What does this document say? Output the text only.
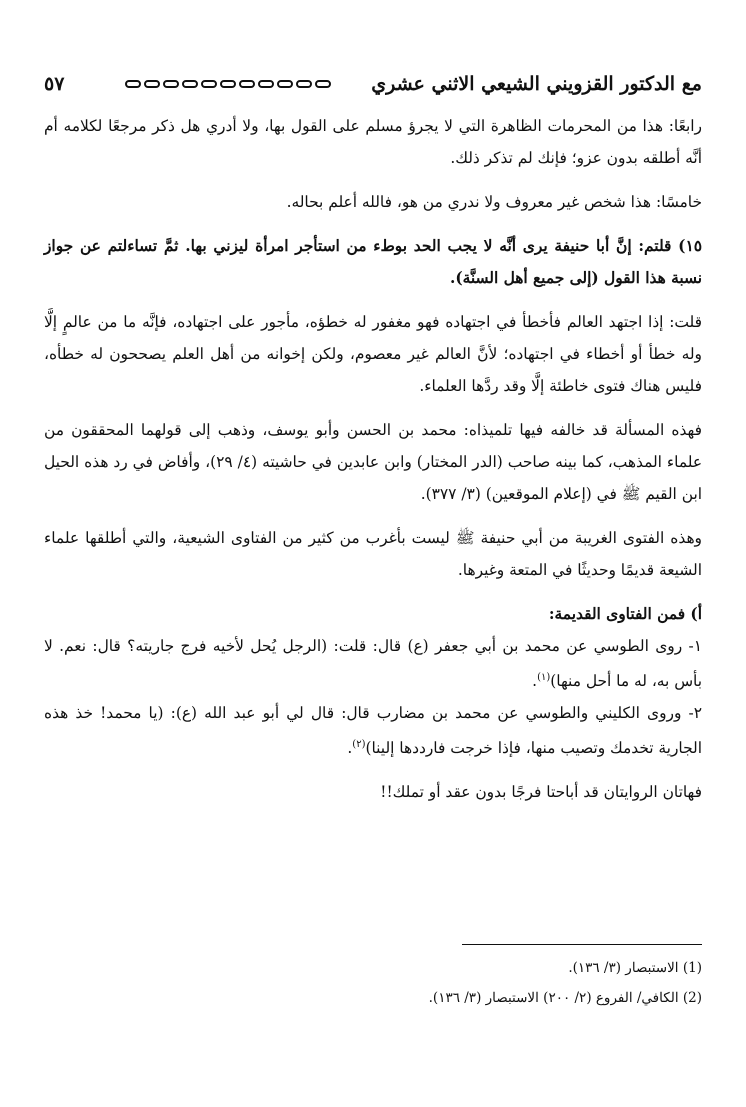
مع الدكتور القزويني الشيعي الاثني عشري
٥٧

رابعًا: هذا من المحرمات الظاهرة التي لا يجرؤ مسلم على القول بها، ولا أدري هل ذكر مرجعًا لكلامه أم أنَّه أطلقه بدون عزو؛ فإنك لم تذكر ذلك.

خامسًا: هذا شخص غير معروف ولا ندري من هو، فالله أعلم بحاله.

١٥) قلتم: إنَّ أبا حنيفة يرى أنَّه لا يجب الحد بوطء من استأجر امرأة ليزني بها. ثمَّ تساءلتم عن جواز نسبة هذا القول (إلى جميع أهل السنَّة).

قلت: إذا اجتهد العالم فأخطأ في اجتهاده فهو مغفور له خطؤه، مأجور على اجتهاده، فإنَّه ما من عالمٍ إلَّا وله خطأ أو أخطاء في اجتهاده؛ لأنَّ العالم غير معصوم، ولكن إخوانه من أهل العلم يصححون له خطأه، فليس هناك فتوى خاطئة إلَّا وقد ردَّها العلماء.

فهذه المسألة قد خالفه فيها تلميذاه: محمد بن الحسن وأبو يوسف، وذهب إلى قولهما المحققون من علماء المذهب، كما بينه صاحب (الدر المختار) وابن عابدين في حاشيته (٤/ ٢٩)، وأفاض في رد هذه الحيل ابن القيم ﷺ في (إعلام الموقعين) (٣/ ٣٧٧).

وهذه الفتوى الغريبة من أبي حنيفة ﷺ ليست بأغرب من كثير من الفتاوى الشيعية، والتي أطلقها علماء الشيعة قديمًا وحديثًا في المتعة وغيرها.

أ) فمن الفتاوى القديمة:

١- روى الطوسي عن محمد بن أبي جعفر (ع) قال: قلت: (الرجل يُحل لأخيه فرج جاريته؟ قال: نعم. لا بأس به، له ما أحل منها)$^{(١)}$.

٢- وروى الكليني والطوسي عن محمد بن مضارب قال: قال لي أبو عبد الله (ع): (يا محمد! خذ هذه الجارية تخدمك وتصيب منها، فإذا خرجت فارددها إلينا)$^{(٢)}$.

فهاتان الروايتان قد أباحتا فرجًا بدون عقد أو تملك!!

(1) الاستبصار (٣/ ١٣٦).
(2) الكافي/ الفروع (٢/ ٢٠٠) الاستبصار (٣/ ١٣٦).
